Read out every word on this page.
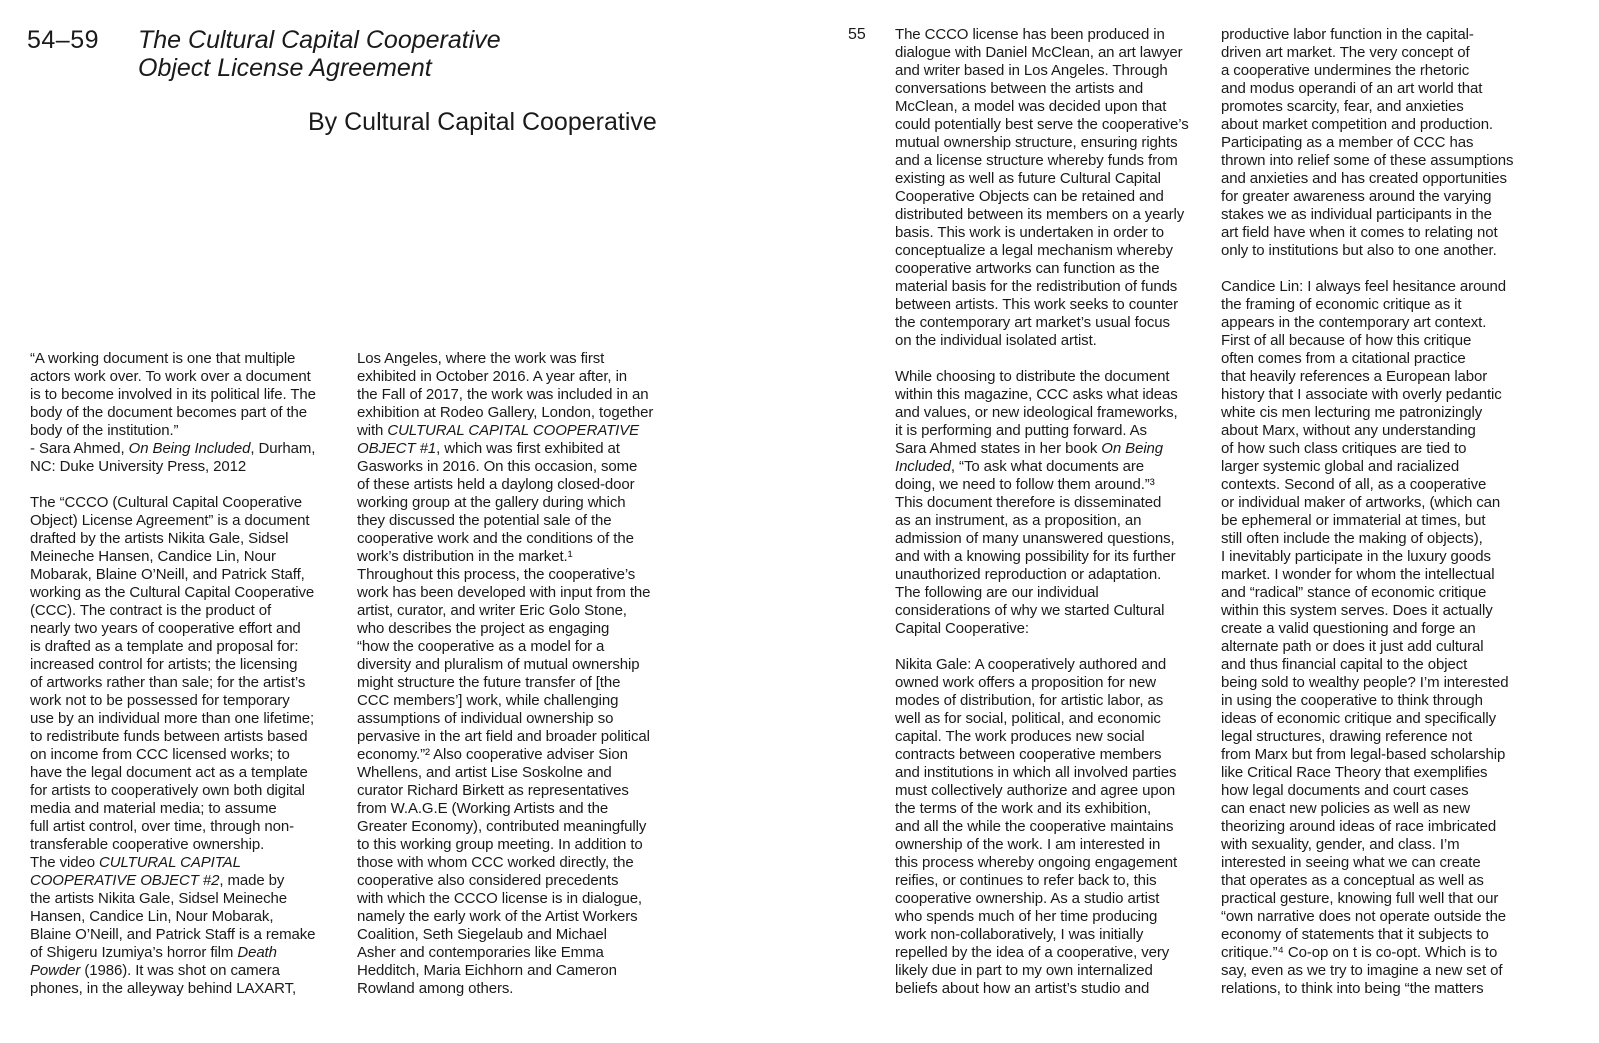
54–59 The Cultural Capital Cooperative
Object License Agreement
By Cultural Capital Cooperative

“A working document is one that multiple
actors work over. To work over a document
is to become involved in its political life. The
body of the document becomes part of the
body of the institution.”
- Sara Ahmed, On Being Included, Durham,
NC: Duke University Press, 2012

The “CCCO (Cultural Capital Cooperative
Object) License Agreement” is a document
drafted by the artists Nikita Gale, Sidsel
Meineche Hansen, Candice Lin, Nour
Mobarak, Blaine O’Neill, and Patrick Staff,
working as the Cultural Capital Cooperative
(CCC). The contract is the product of
nearly two years of cooperative effort and
is drafted as a template and proposal for:
increased control for artists; the licensing
of artworks rather than sale; for the artist’s
work not to be possessed for temporary
use by an individual more than one lifetime;
to redistribute funds between artists based
on income from CCC licensed works; to
have the legal document act as a template
for artists to cooperatively own both digital
media and material media; to assume
full artist control, over time, through non-
transferable cooperative ownership.
The video CULTURAL CAPITAL
COOPERATIVE OBJECT #2, made by
the artists Nikita Gale, Sidsel Meineche
Hansen, Candice Lin, Nour Mobarak,
Blaine O’Neill, and Patrick Staff is a remake
of Shigeru Izumiya’s horror film Death
Powder (1986). It was shot on camera
phones, in the alleyway behind LAXART,

Los Angeles, where the work was first
exhibited in October 2016. A year after, in
the Fall of 2017, the work was included in an
exhibition at Rodeo Gallery, London, together
with CULTURAL CAPITAL COOPERATIVE
OBJECT #1, which was first exhibited at
Gasworks in 2016. On this occasion, some
of these artists held a daylong closed-door
working group at the gallery during which
they discussed the potential sale of the
cooperative work and the conditions of the
work’s distribution in the market.¹
Throughout this process, the cooperative’s
work has been developed with input from the
artist, curator, and writer Eric Golo Stone,
who describes the project as engaging
“how the cooperative as a model for a
diversity and pluralism of mutual ownership
might structure the future transfer of [the
CCC members’] work, while challenging
assumptions of individual ownership so
pervasive in the art field and broader political
economy.”² Also cooperative adviser Sion
Whellens, and artist Lise Soskolne and
curator Richard Birkett as representatives
from W.A.G.E (Working Artists and the
Greater Economy), contributed meaningfully
to this working group meeting. In addition to
those with whom CCC worked directly, the
cooperative also considered precedents
with which the CCCO license is in dialogue,
namely the early work of the Artist Workers
Coalition, Seth Siegelaub and Michael
Asher and contemporaries like Emma
Hedditch, Maria Eichhorn and Cameron
Rowland among others.

55 The CCCO license has been produced in
dialogue with Daniel McClean, an art lawyer
and writer based in Los Angeles. Through
conversations between the artists and
McClean, a model was decided upon that
could potentially best serve the cooperative’s
mutual ownership structure, ensuring rights
and a license structure whereby funds from
existing as well as future Cultural Capital
Cooperative Objects can be retained and
distributed between its members on a yearly
basis. This work is undertaken in order to
conceptualize a legal mechanism whereby
cooperative artworks can function as the
material basis for the redistribution of funds
between artists. This work seeks to counter
the contemporary art market’s usual focus
on the individual isolated artist.

While choosing to distribute the document
within this magazine, CCC asks what ideas
and values, or new ideological frameworks,
it is performing and putting forward. As
Sara Ahmed states in her book On Being
Included, “To ask what documents are
doing, we need to follow them around.”³
This document therefore is disseminated
as an instrument, as a proposition, an
admission of many unanswered questions,
and with a knowing possibility for its further
unauthorized reproduction or adaptation.
The following are our individual
considerations of why we started Cultural
Capital Cooperative:

Nikita Gale: A cooperatively authored and
owned work offers a proposition for new
modes of distribution, for artistic labor, as
well as for social, political, and economic
capital. The work produces new social
contracts between cooperative members
and institutions in which all involved parties
must collectively authorize and agree upon
the terms of the work and its exhibition,
and all the while the cooperative maintains
ownership of the work. I am interested in
this process whereby ongoing engagement
reifies, or continues to refer back to, this
cooperative ownership. As a studio artist
who spends much of her time producing
work non-collaboratively, I was initially
repelled by the idea of a cooperative, very
likely due in part to my own internalized
beliefs about how an artist’s studio and

productive labor function in the capital-
driven art market. The very concept of
a cooperative undermines the rhetoric
and modus operandi of an art world that
promotes scarcity, fear, and anxieties
about market competition and production.
Participating as a member of CCC has
thrown into relief some of these assumptions
and anxieties and has created opportunities
for greater awareness around the varying
stakes we as individual participants in the
art field have when it comes to relating not
only to institutions but also to one another.

Candice Lin: I always feel hesitance around
the framing of economic critique as it
appears in the contemporary art context.
First of all because of how this critique
often comes from a citational practice
that heavily references a European labor
history that I associate with overly pedantic
white cis men lecturing me patronizingly
about Marx, without any understanding
of how such class critiques are tied to
larger systemic global and racialized
contexts. Second of all, as a cooperative
or individual maker of artworks, (which can
be ephemeral or immaterial at times, but
still often include the making of objects),
I inevitably participate in the luxury goods
market. I wonder for whom the intellectual
and “radical” stance of economic critique
within this system serves. Does it actually
create a valid questioning and forge an
alternate path or does it just add cultural
and thus financial capital to the object
being sold to wealthy people? I’m interested
in using the cooperative to think through
ideas of economic critique and specifically
legal structures, drawing reference not
from Marx but from legal-based scholarship
like Critical Race Theory that exemplifies
how legal documents and court cases
can enact new policies as well as new
theorizing around ideas of race imbricated
with sexuality, gender, and class. I’m
interested in seeing what we can create
that operates as a conceptual as well as
practical gesture, knowing full well that our
“own narrative does not operate outside the
economy of statements that it subjects to
critique.”⁴ Co-op on t is co-opt. Which is to
say, even as we try to imagine a new set of
relations, to think into being “the matters
